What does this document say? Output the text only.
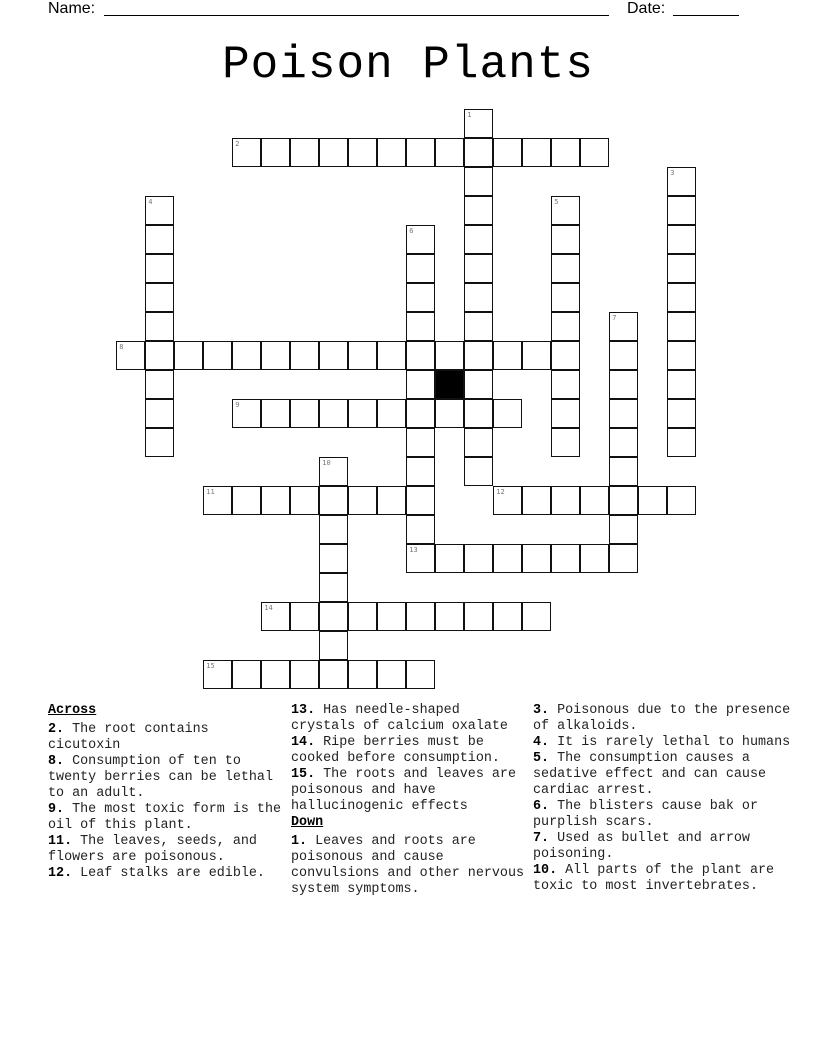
Name:	Date:
Poison Plants
1
2
3
4	5
6
13
7
8
9
10
11	12
14
15
Across
2. The root contains cicutoxin
8. Consumption of ten to twenty berries can be lethal to an adult.
9. The most toxic form is the oil of this plant.
11. The leaves, seeds, and flowers are poisonous.
12. Leaf stalks are edible.
13. Has needle-shaped crystals of calcium oxalate
14. Ripe berries must be cooked before consumption.
15. The roots and leaves are poisonous and have hallucinogenic effects
Down
1. Leaves and roots are poisonous and cause convulsions and other nervous system symptoms.
3. Poisonous due to the presence of alkaloids.
4. It is rarely lethal to humans
5. The consumption causes a sedative effect and can cause cardiac arrest.
6. The blisters cause bak or purplish scars.
7. Used as bullet and arrow poisoning.
10. All parts of the plant are toxic to most invertebrates.
